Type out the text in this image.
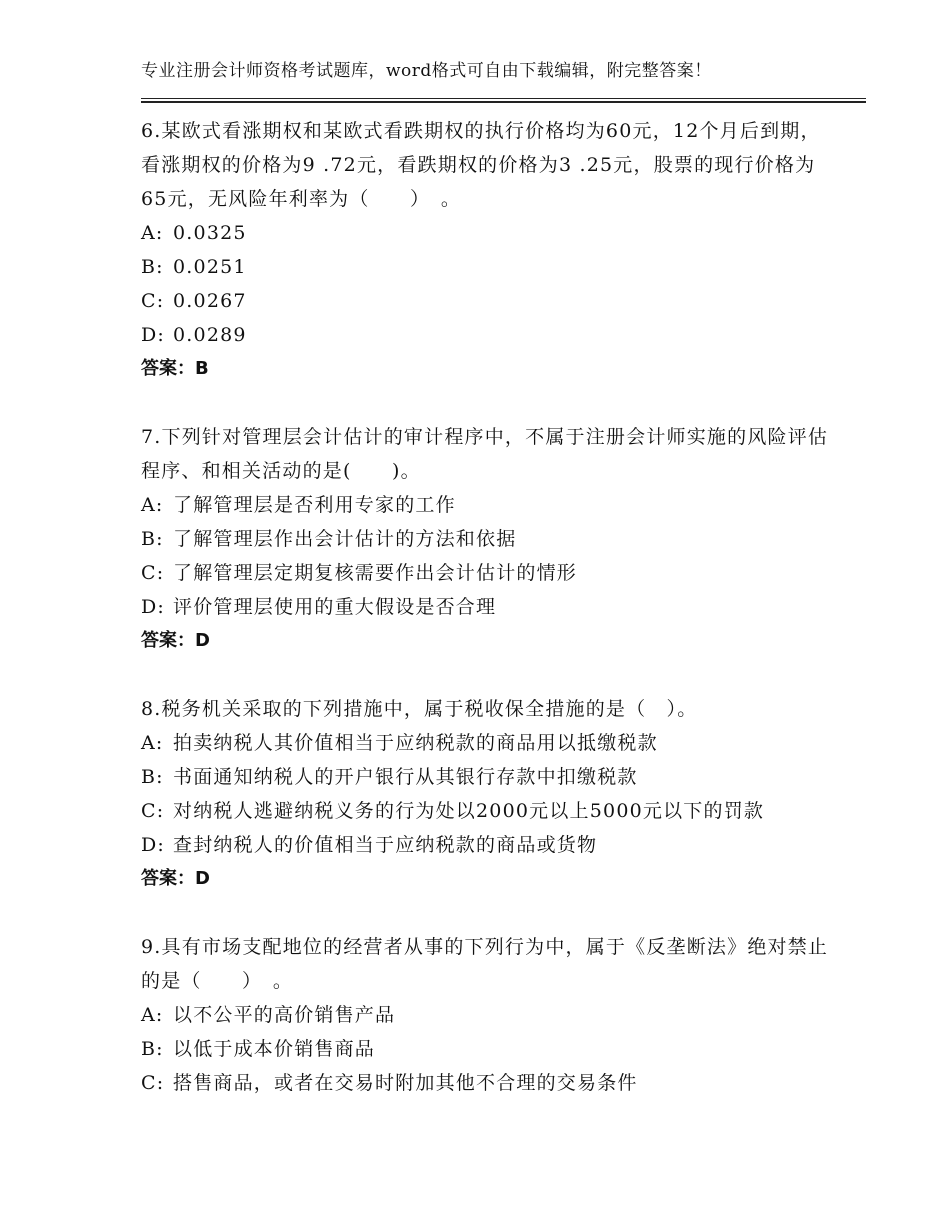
专业注册会计师资格考试题库，word格式可自由下载编辑，附完整答案！
6.某欧式看涨期权和某欧式看跌期权的执行价格均为60元，12个月后到期，看涨期权的价格为9 .72元，看跌期权的价格为3 .25元，股票的现行价格为65元，无风险年利率为（　　）　。
A: 0.0325
B: 0.0251
C: 0.0267
D: 0.0289
答案：B
7.下列针对管理层会计估计的审计程序中，不属于注册会计师实施的风险评估程序、和相关活动的是(　　)。
A: 了解管理层是否利用专家的工作
B: 了解管理层作出会计估计的方法和依据
C: 了解管理层定期复核需要作出会计估计的情形
D: 评价管理层使用的重大假设是否合理
答案：D
8.税务机关采取的下列措施中，属于税收保全措施的是（　）。
A: 拍卖纳税人其价值相当于应纳税款的商品用以抵缴税款
B: 书面通知纳税人的开户银行从其银行存款中扣缴税款
C: 对纳税人逃避纳税义务的行为处以2000元以上5000元以下的罚款
D: 查封纳税人的价值相当于应纳税款的商品或货物
答案：D
9.具有市场支配地位的经营者从事的下列行为中，属于《反垄断法》绝对禁止的是（　　）　。
A: 以不公平的高价销售产品
B: 以低于成本价销售商品
C: 搭售商品，或者在交易时附加其他不合理的交易条件
